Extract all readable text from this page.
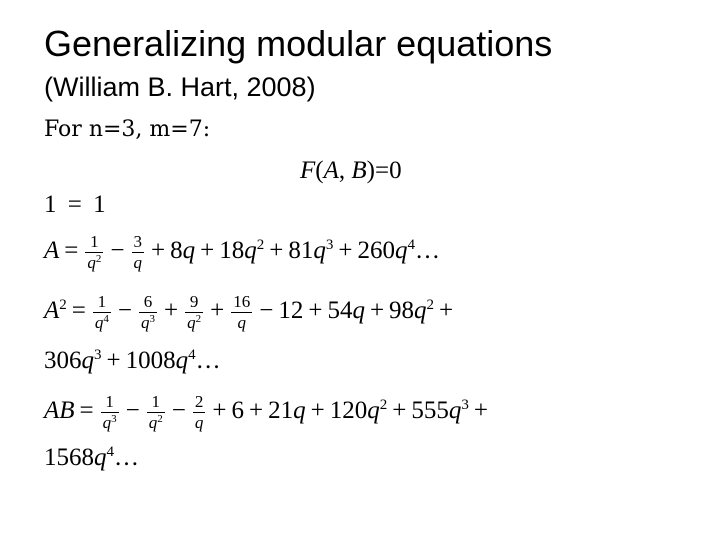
Generalizing modular equations
(William B. Hart, 2008)
For n=3, m=7:
F(A, B)=0
1 = 1
$A = \frac{1}{q^2} - \frac{3}{q} + 8q + 18q^2 + 81q^3$ + $260q^4\dots$
$A^2 = \frac{1}{q^4} - \frac{6}{q^3} + \frac{9}{q^2} + \frac{16}{q} - 12 + 54q + 98q^2$ +
$306q^3$ + $1008q^4\dots$
AB = $\frac{1}{q^3} - \frac{1}{q^2} - \frac{2}{q} + 6 + 21q + 120q^2 + 555q^3$ +
$1568q^4\dots$
